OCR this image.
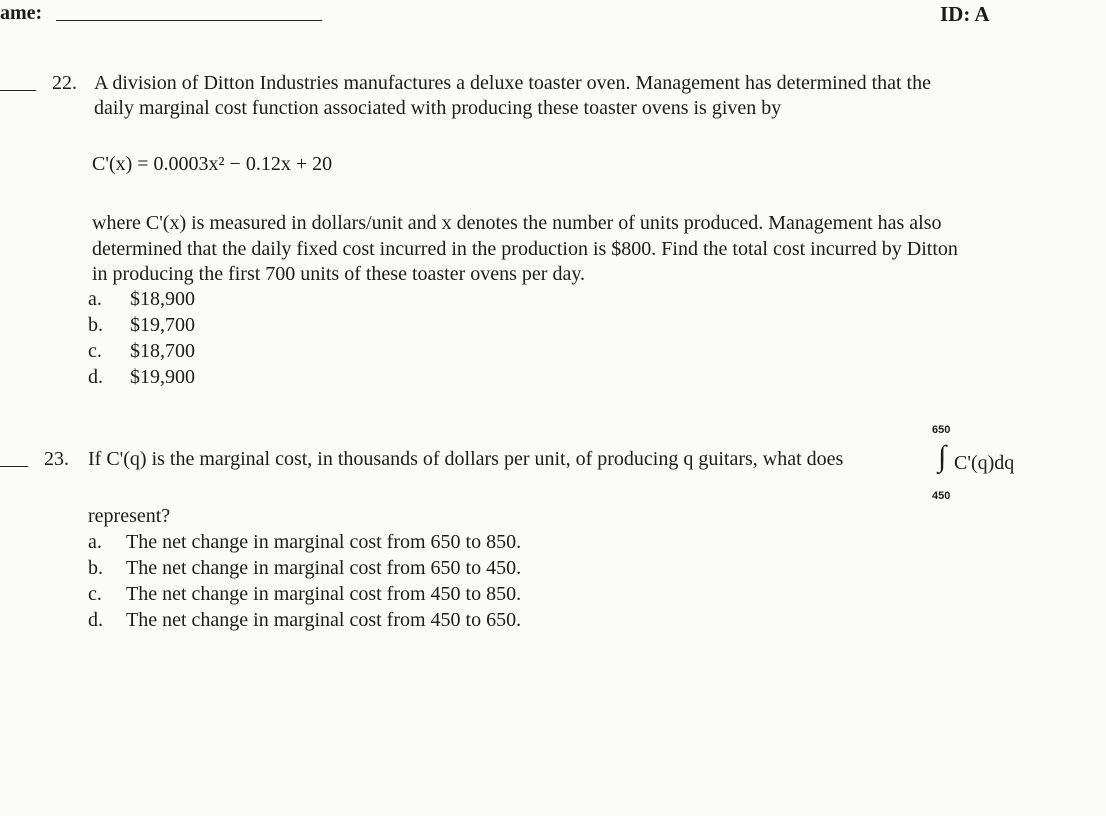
ame:	ID: A
22. A division of Ditton Industries manufactures a deluxe toaster oven. Management has determined that the
daily marginal cost function associated with producing these toaster ovens is given by
C'(x) = 0.0003x² − 0.12x + 20
where C'(x) is measured in dollars/unit and x denotes the number of units produced. Management has also
determined that the daily fixed cost incurred in the production is $800. Find the total cost incurred by Ditton
in producing the first 700 units of these toaster ovens per day.
a. $18,900
b. $19,700
c. $18,700
d. $19,900
23. If C'(q) is the marginal cost, in thousands of dollars per unit, of producing q guitars, what does
650
∫ C'(q)dq
450
represent?
a. The net change in marginal cost from 650 to 850.
b. The net change in marginal cost from 650 to 450.
c. The net change in marginal cost from 450 to 850.
d. The net change in marginal cost from 450 to 650.
